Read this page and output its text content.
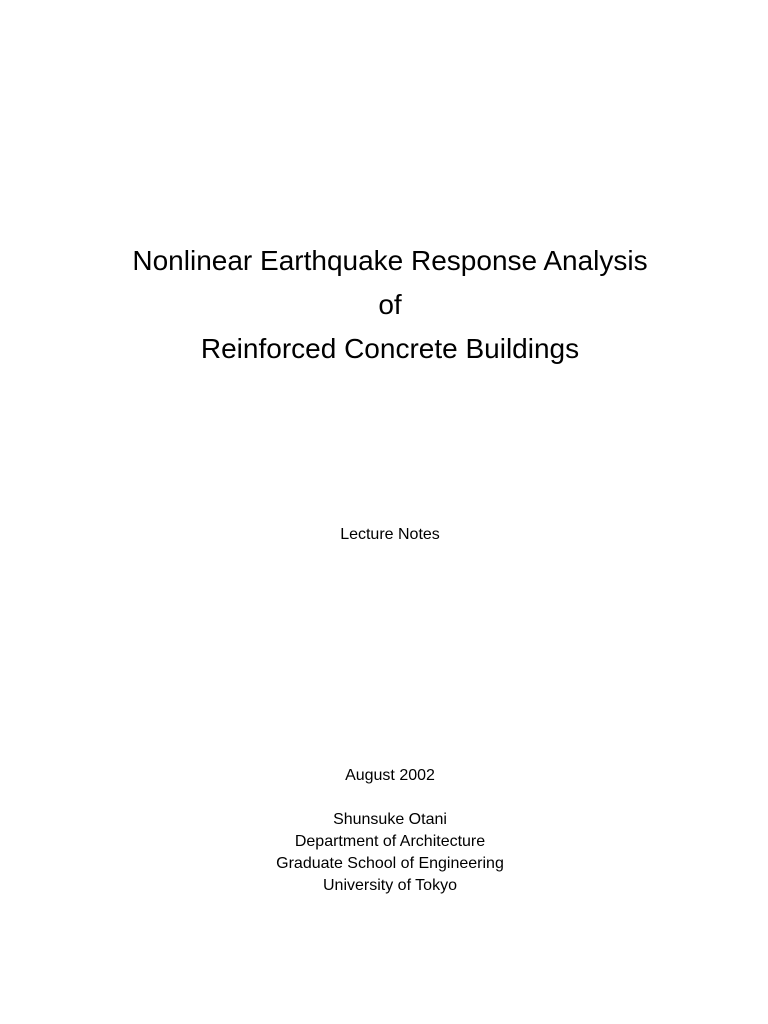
Nonlinear Earthquake Response Analysis
of
Reinforced Concrete Buildings

Lecture Notes

August 2002

Shunsuke Otani

Department of Architecture

Graduate School of Engineering

University of Tokyo
